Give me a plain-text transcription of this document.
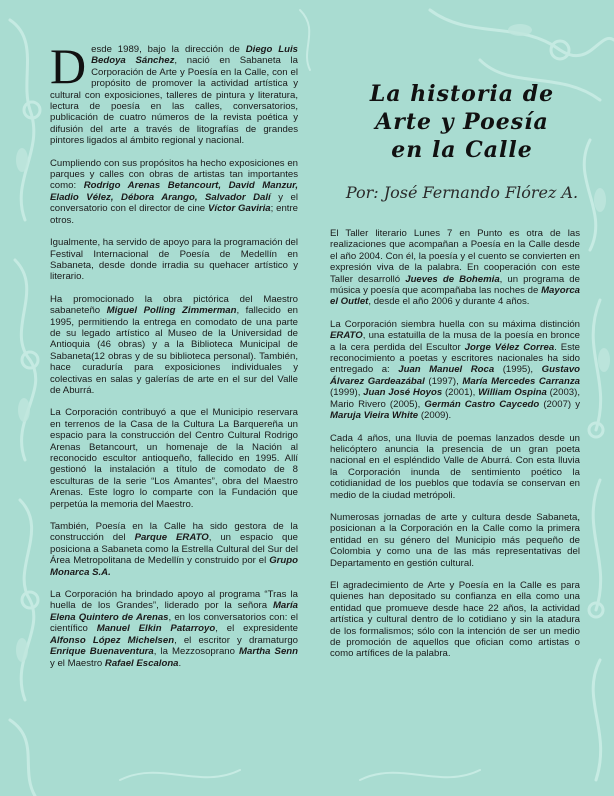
La historia de
Arte y Poesía
en la Calle
Por: José Fernando Flórez A.

Desde 1989, bajo la dirección de Diego Luis Bedoya Sánchez, nació en Sabaneta la Corporación de Arte y Poesía en la Calle, con el propósito de promover la actividad artística y cultural con exposiciones, talleres de pintura y literatura, lectura de poesía en las calles, conversatorios, publicación de cuatro números de la revista poética y difusión del arte a través de litografías de grandes pintores ligados al ámbito regional y nacional.

Cumpliendo con sus propósitos ha hecho exposiciones en parques y calles con obras de artistas tan importantes como: Rodrigo Arenas Betancourt, David Manzur, Eladio Vélez, Débora Arango, Salvador Dalí y el conversatorio con el director de cine Víctor Gaviria; entre otros.

Igualmente, ha servido de apoyo para la programación del Festival Internacional de Poesía de Medellín en Sabaneta, desde donde irradia su quehacer artístico y literario.

Ha promocionado la obra pictórica del Maestro sabaneteño Miguel Polling Zimmerman, fallecido en 1995, permitiendo la entrega en comodato de una parte de su legado artístico al Museo de la Universidad de Antioquia (46 obras) y a la Biblioteca Municipal de Sabaneta(12 obras y de su biblioteca personal). También, hace curaduría para exposiciones individuales y colectivas en salas y galerías de arte en el sur del Valle de Aburrá.

La Corporación contribuyó a que el Municipio reservara en terrenos de la Casa de la Cultura La Barquereña un espacio para la construcción del Centro Cultural Rodrigo Arenas Betancourt, un homenaje de la Nación al reconocido escultor antioqueño, fallecido en 1995. Allí gestionó la instalación a título de comodato de 8 esculturas de la serie “Los Amantes”, obra del Maestro Arenas. Este logro lo comparte con la Fundación que perpetúa la memoria del Maestro.

También, Poesía en la Calle ha sido gestora de la construcción del Parque ERATO, un espacio que posiciona a Sabaneta como la Estrella Cultural del Sur del Área Metropolitana de Medellín y construido por el Grupo Monarca S.A.

La Corporación ha brindado apoyo al programa “Tras la huella de los Grandes”, liderado por la señora María Elena Quintero de Arenas, en los conversatorios con: el científico Manuel Elkin Patarroyo, el expresidente Alfonso López Michelsen, el escritor y dramaturgo Enrique Buenaventura, la Mezzosoprano Martha Senn y el Maestro Rafael Escalona.

El Taller literario Lunes 7 en Punto es otra de las realizaciones que acompañan a Poesía en la Calle desde el año 2004. Con él, la poesía y el cuento se convierten en expresión viva de la palabra. En cooperación con este Taller desarrolló Jueves de Bohemia, un programa de música y poesía que acompañaba las noches de Mayorca el Outlet, desde el año 2006 y durante 4 años.

La Corporación siembra huella con su máxima distinción ERATO, una estatuilla de la musa de la poesía en bronce a la cera perdida del Escultor Jorge Vélez Correa. Este reconocimiento a poetas y escritores nacionales ha sido entregado a: Juan Manuel Roca (1995), Gustavo Álvarez Gardeazábal (1997), María Mercedes Carranza (1999), Juan José Hoyos (2001), William Ospina (2003), Mario Rivero (2005), Germán Castro Caycedo (2007) y Maruja Vieira White (2009).

Cada 4 años, una lluvia de poemas lanzados desde un helicóptero anuncia la presencia de un gran poeta nacional en el espléndido Valle de Aburrá. Con esta lluvia la Corporación inunda de sentimiento poético la cotidianidad de los pueblos que todavía se conservan en medio de la ciudad metrópoli.

Numerosas jornadas de arte y cultura desde Sabaneta, posicionan a la Corporación en la Calle como la primera entidad en su género del Municipio más pequeño de Colombia y como una de las más representativas del Departamento en gestión cultural.

El agradecimiento de Arte y Poesía en la Calle es para quienes han depositado su confianza en ella como una entidad que promueve desde hace 22 años, la actividad artística y cultural dentro de lo cotidiano y sin la atadura de los formalismos; sólo con la intención de ser un medio de promoción de aquellos que ofician como artistas o como artífices de la palabra.
